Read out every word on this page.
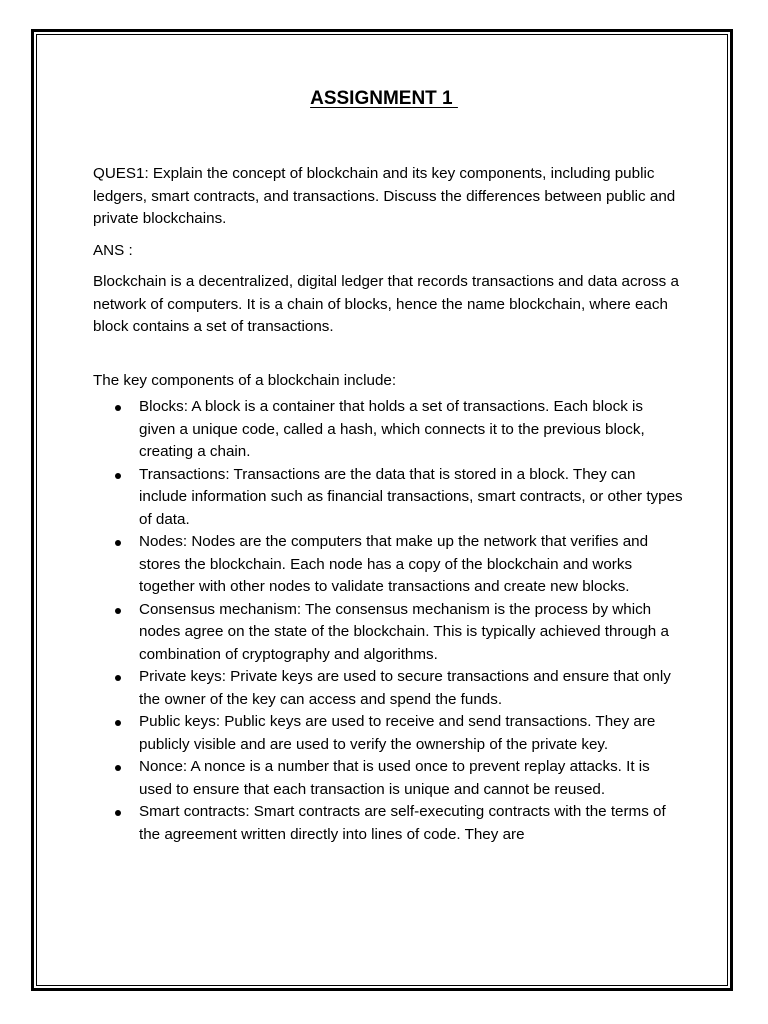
ASSIGNMENT 1

QUES1: Explain the concept of blockchain and its key components, including public ledgers, smart contracts, and transactions. Discuss the differences between public and private blockchains.

ANS :

Blockchain is a decentralized, digital ledger that records transactions and data across a network of computers. It is a chain of blocks, hence the name blockchain, where each block contains a set of transactions.

The key components of a blockchain include:

Blocks: A block is a container that holds a set of transactions. Each block is given a unique code, called a hash, which connects it to the previous block, creating a chain.
Transactions: Transactions are the data that is stored in a block. They can include information such as financial transactions, smart contracts, or other types of data.
Nodes: Nodes are the computers that make up the network that verifies and stores the blockchain. Each node has a copy of the blockchain and works together with other nodes to validate transactions and create new blocks.
Consensus mechanism: The consensus mechanism is the process by which nodes agree on the state of the blockchain. This is typically achieved through a combination of cryptography and algorithms.
Private keys: Private keys are used to secure transactions and ensure that only the owner of the key can access and spend the funds.
Public keys: Public keys are used to receive and send transactions. They are publicly visible and are used to verify the ownership of the private key.
Nonce: A nonce is a number that is used once to prevent replay attacks. It is used to ensure that each transaction is unique and cannot be reused.
Smart contracts: Smart contracts are self-executing contracts with the terms of the agreement written directly into lines of code. They are
